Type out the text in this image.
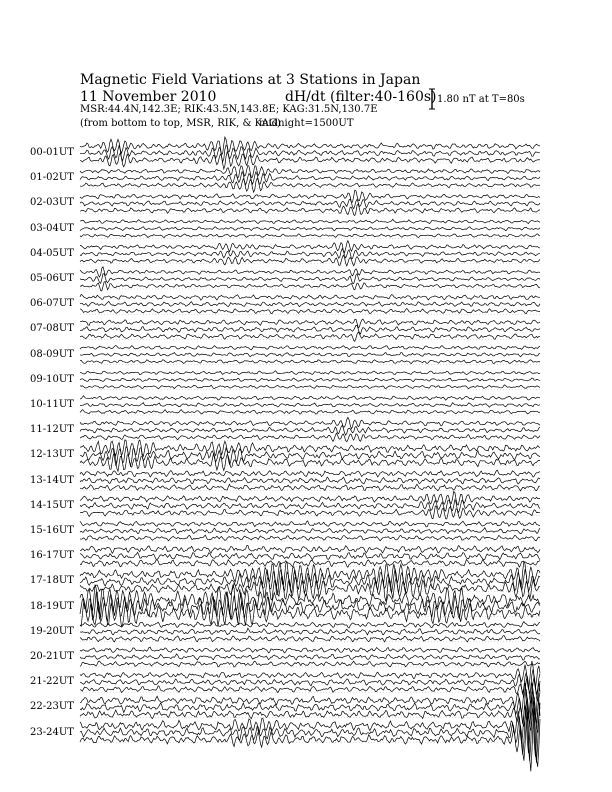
Magnetic Field Variations at 3 Stations in Japan
11 November 2010	dH/dt (filter:40-160s)
MSR:44.4N,142.3E; RIK:43.5N,143.8E; KAG:31.5N,130.7E
(from bottom to top, MSR, RIK, & KAG)
midnight=1500UT
1.80 nT at T=80s
00-01UT
01-02UT
02-03UT
03-04UT
04-05UT
05-06UT
06-07UT
07-08UT
08-09UT
09-10UT
10-11UT
11-12UT
12-13UT
13-14UT
14-15UT
15-16UT
16-17UT
17-18UT
18-19UT
19-20UT
20-21UT
21-22UT
22-23UT
23-24UT
